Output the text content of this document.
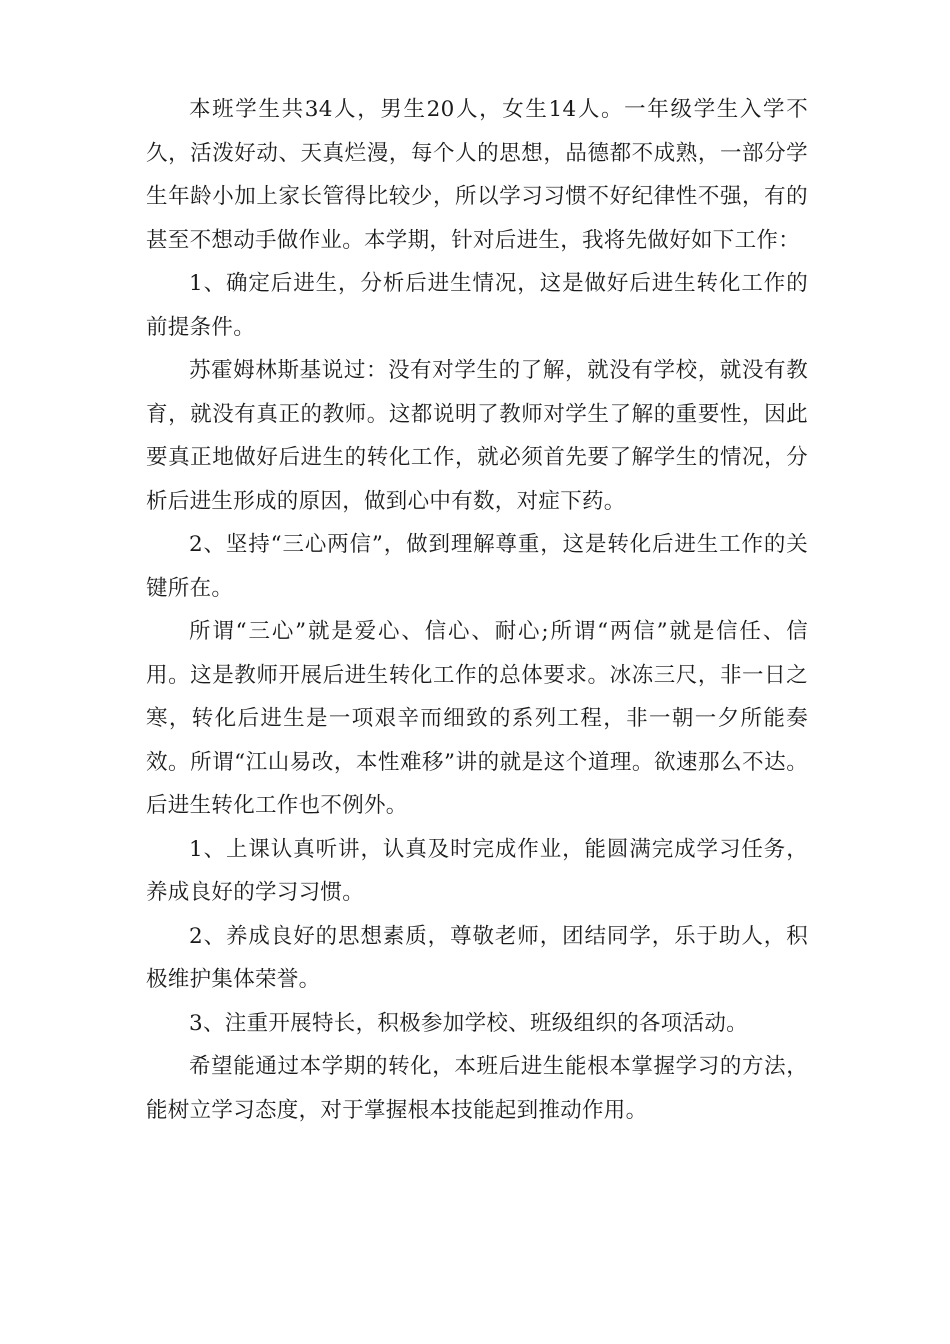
本班学生共34人，男生20人，女生14人。一年级学生入学不久，活泼好动、天真烂漫，每个人的思想，品德都不成熟，一部分学生年龄小加上家长管得比较少，所以学习习惯不好纪律性不强，有的甚至不想动手做作业。本学期，针对后进生，我将先做好如下工作：

1、确定后进生，分析后进生情况，这是做好后进生转化工作的前提条件。

苏霍姆林斯基说过：没有对学生的了解，就没有学校，就没有教育，就没有真正的教师。这都说明了教师对学生了解的重要性，因此要真正地做好后进生的转化工作，就必须首先要了解学生的情况，分析后进生形成的原因，做到心中有数，对症下药。

2、坚持“三心两信”，做到理解尊重，这是转化后进生工作的关键所在。

所谓“三心”就是爱心、信心、耐心;所谓“两信”就是信任、信用。这是教师开展后进生转化工作的总体要求。冰冻三尺，非一日之寒，转化后进生是一项艰辛而细致的系列工程，非一朝一夕所能奏效。所谓“江山易改，本性难移”讲的就是这个道理。欲速那么不达。后进生转化工作也不例外。

1、上课认真听讲，认真及时完成作业，能圆满完成学习任务，养成良好的学习习惯。

2、养成良好的思想素质，尊敬老师，团结同学，乐于助人，积极维护集体荣誉。

3、注重开展特长，积极参加学校、班级组织的各项活动。

希望能通过本学期的转化，本班后进生能根本掌握学习的方法，能树立学习态度，对于掌握根本技能起到推动作用。
